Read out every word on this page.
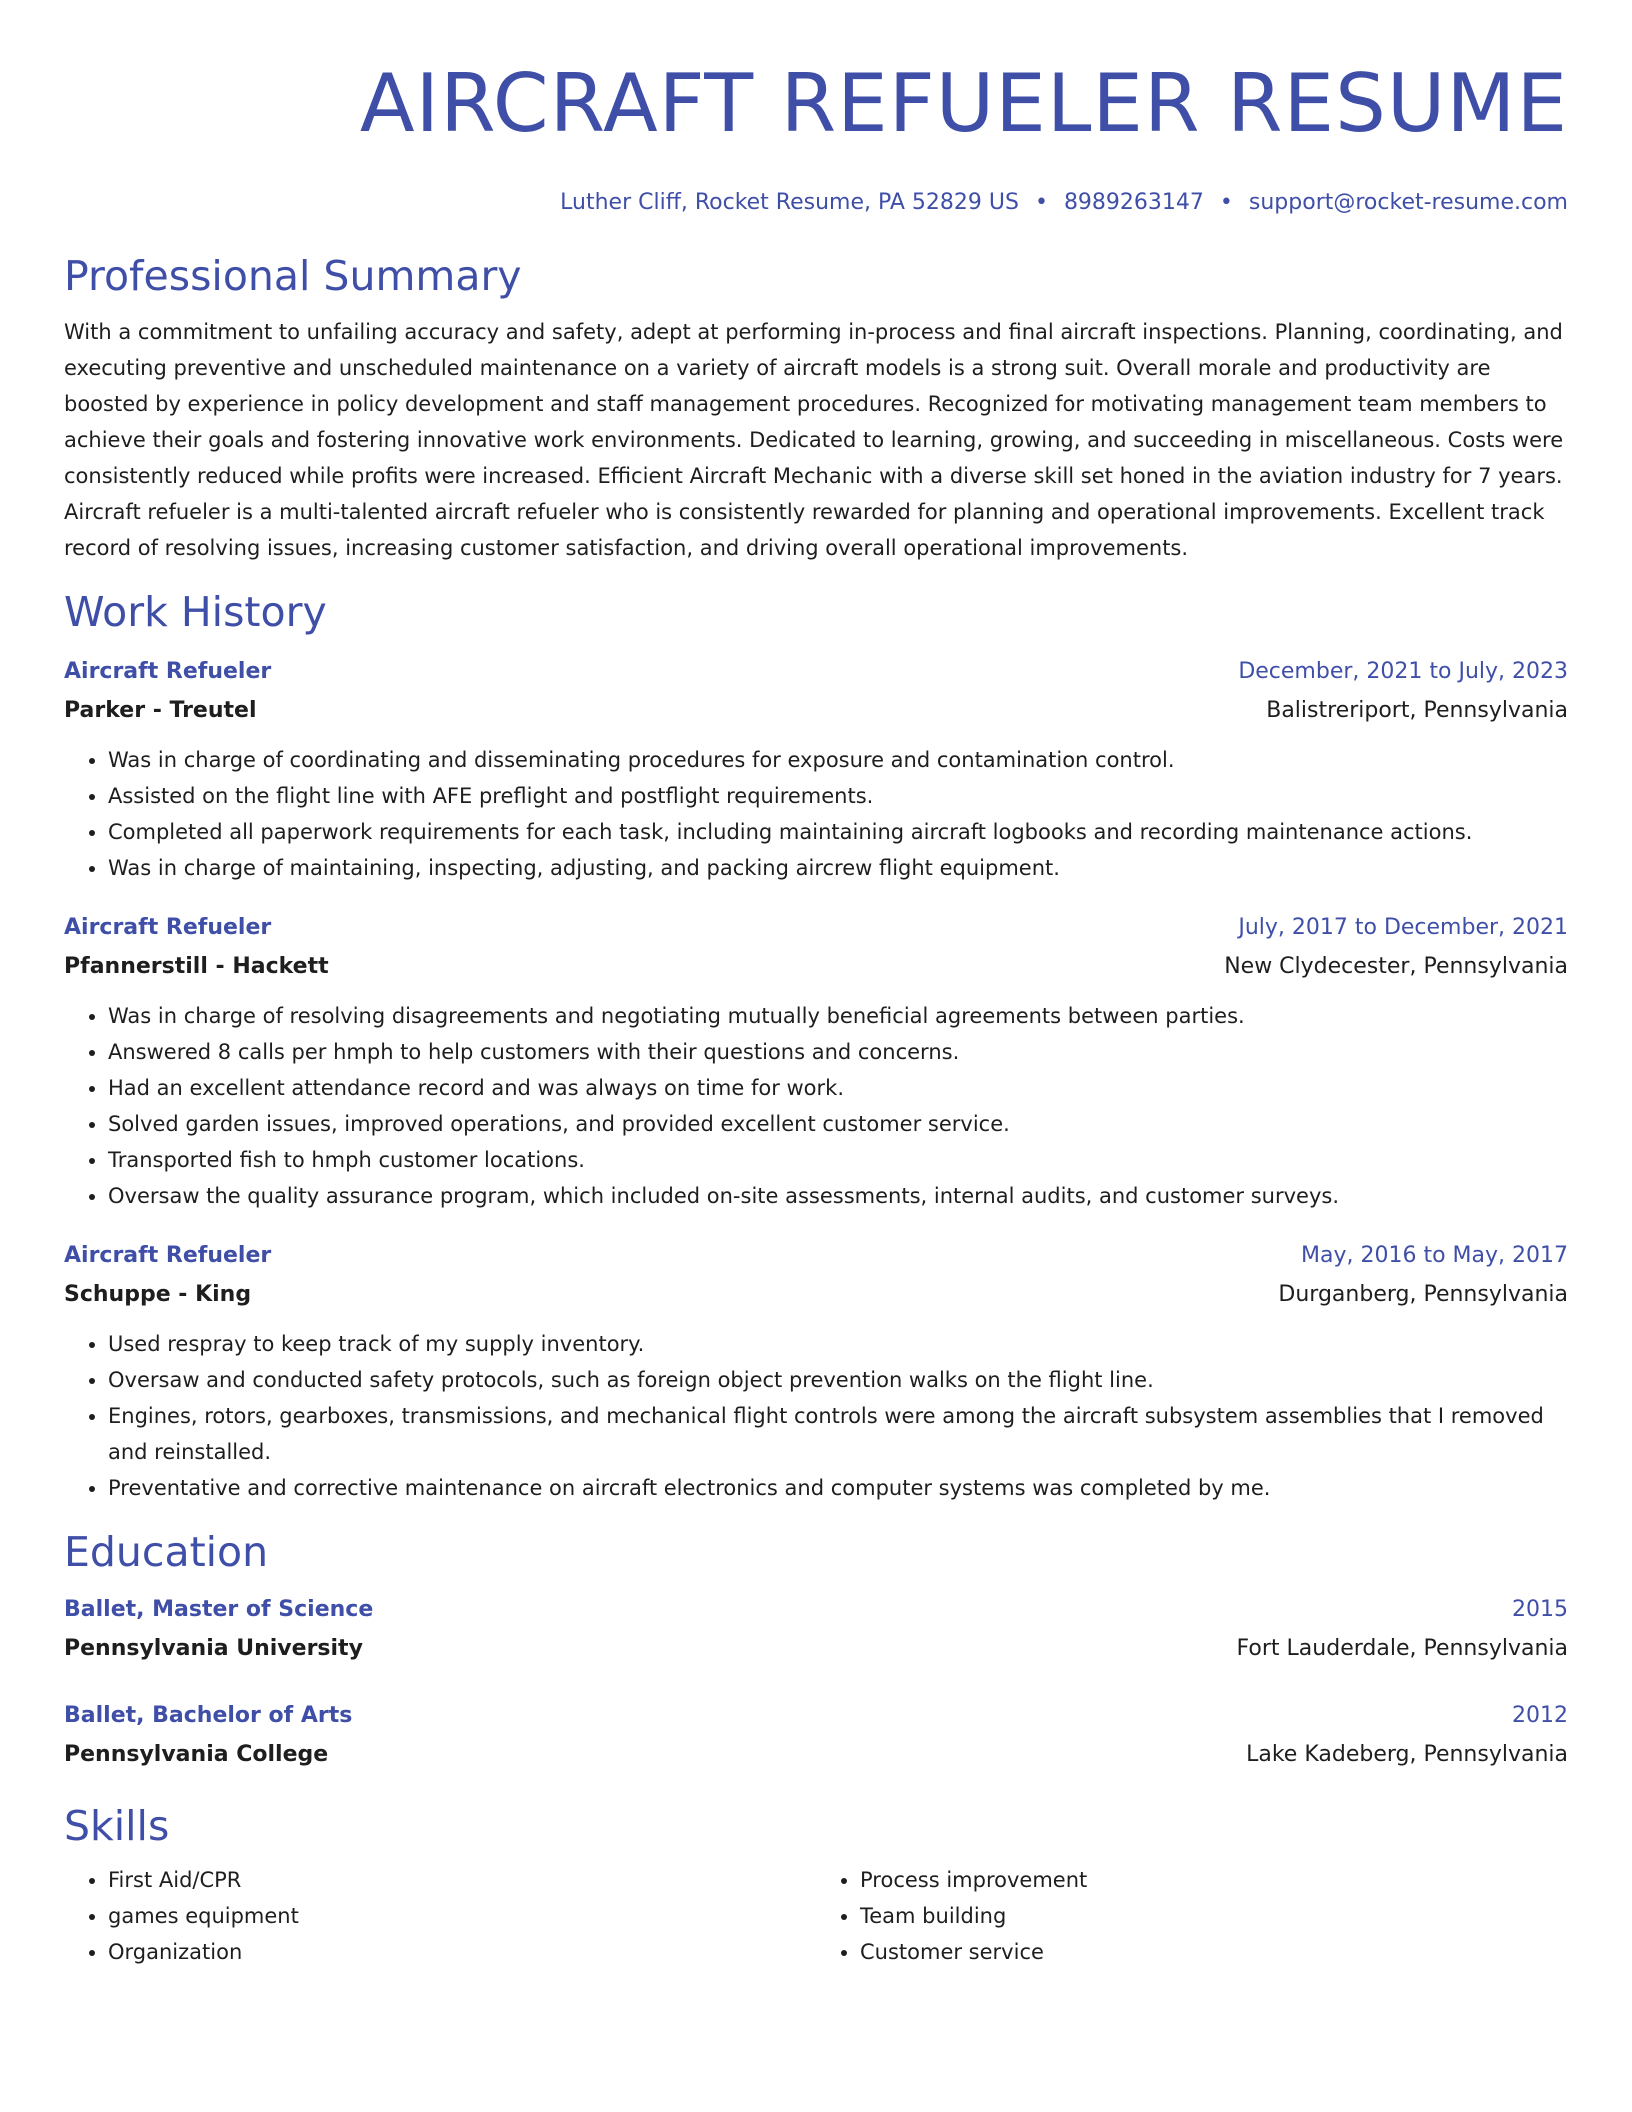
AIRCRAFT REFUELER RESUME
Luther Cliff, Rocket Resume, PA 52829 US • 8989263147 • support@rocket-resume.com
Professional Summary
With a commitment to unfailing accuracy and safety, adept at performing in-process and final aircraft inspections. Planning, coordinating, and executing preventive and unscheduled maintenance on a variety of aircraft models is a strong suit. Overall morale and productivity are boosted by experience in policy development and staff management procedures. Recognized for motivating management team members to achieve their goals and fostering innovative work environments. Dedicated to learning, growing, and succeeding in miscellaneous. Costs were consistently reduced while profits were increased. Efficient Aircraft Mechanic with a diverse skill set honed in the aviation industry for 7 years. Aircraft refueler is a multi-talented aircraft refueler who is consistently rewarded for planning and operational improvements. Excellent track record of resolving issues, increasing customer satisfaction, and driving overall operational improvements.
Work History
Aircraft Refueler	December, 2021 to July, 2023
Parker - Treutel	Balistreriport, Pennsylvania
• Was in charge of coordinating and disseminating procedures for exposure and contamination control.
• Assisted on the flight line with AFE preflight and postflight requirements.
• Completed all paperwork requirements for each task, including maintaining aircraft logbooks and recording maintenance actions.
• Was in charge of maintaining, inspecting, adjusting, and packing aircrew flight equipment.
Aircraft Refueler	July, 2017 to December, 2021
Pfannerstill - Hackett	New Clydecester, Pennsylvania
• Was in charge of resolving disagreements and negotiating mutually beneficial agreements between parties.
• Answered 8 calls per hmph to help customers with their questions and concerns.
• Had an excellent attendance record and was always on time for work.
• Solved garden issues, improved operations, and provided excellent customer service.
• Transported fish to hmph customer locations.
• Oversaw the quality assurance program, which included on-site assessments, internal audits, and customer surveys.
Aircraft Refueler	May, 2016 to May, 2017
Schuppe - King	Durganberg, Pennsylvania
• Used respray to keep track of my supply inventory.
• Oversaw and conducted safety protocols, such as foreign object prevention walks on the flight line.
• Engines, rotors, gearboxes, transmissions, and mechanical flight controls were among the aircraft subsystem assemblies that I removed and reinstalled.
• Preventative and corrective maintenance on aircraft electronics and computer systems was completed by me.
Education
Ballet, Master of Science	2015
Pennsylvania University	Fort Lauderdale, Pennsylvania
Ballet, Bachelor of Arts	2012
Pennsylvania College	Lake Kadeberg, Pennsylvania
Skills
• First Aid/CPR
• games equipment
• Organization
• Process improvement
• Team building
• Customer service
